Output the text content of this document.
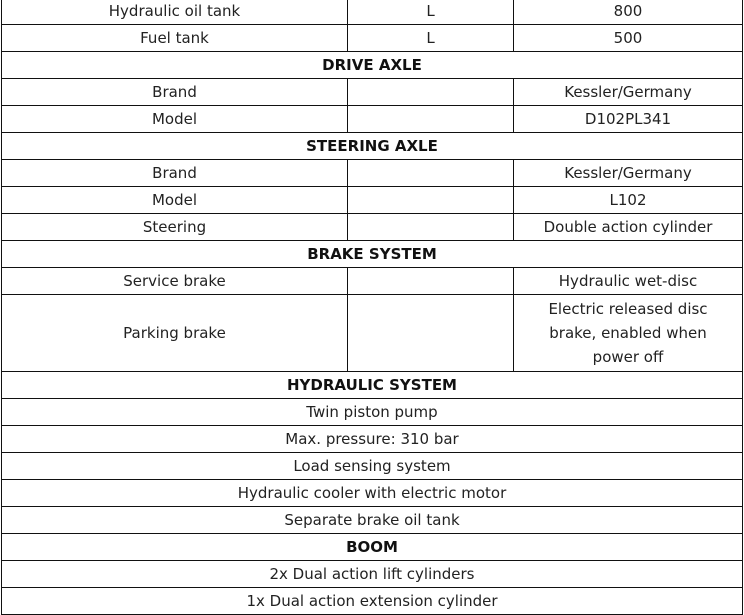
Hydraulic oil tank	L	800
Fuel tank	L	500
DRIVE AXLE		
Brand		Kessler/Germany
Model		D102PL341
STEERING AXLE		
Brand		Kessler/Germany
Model		L102
Steering		Double action cylinder
BRAKE SYSTEM		
Service brake		Hydraulic wet-disc
Parking brake		Electric released disc brake, enabled when power off
HYDRAULIC SYSTEM		
Twin piston pump		
Max. pressure: 310 bar		
Load sensing system		
Hydraulic cooler with electric motor		
Separate brake oil tank		
BOOM		
2x Dual action lift cylinders		
1x Dual action extension cylinder		
